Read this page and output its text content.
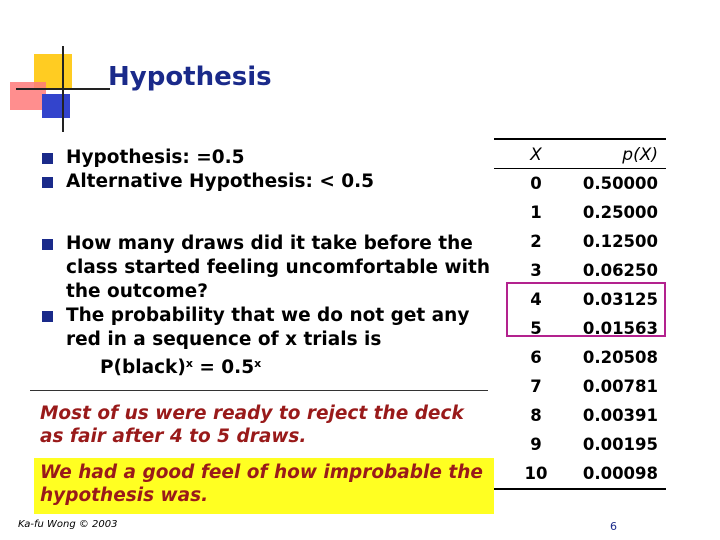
Hypothesis
Hypothesis: =0.5
Alternative Hypothesis: < 0.5
How many draws did it take before the class started feeling uncomfortable with the outcome?
The probability that we do not get any red in a sequence of x trials is
P(black)$^x$ = $0.5^x$
Most of us were ready to reject the deck as fair after 4 to 5 draws.
We had a good feel of how improbable the hypothesis was.
Ka-fu Wong © 2003	6
X	p(X)
0	0.50000
1	0.25000
2	0.12500
3	0.06250
4	0.03125
5	0.01563
6	0.20508
7	0.00781
8	0.00391
9	0.00195
10	0.00098
